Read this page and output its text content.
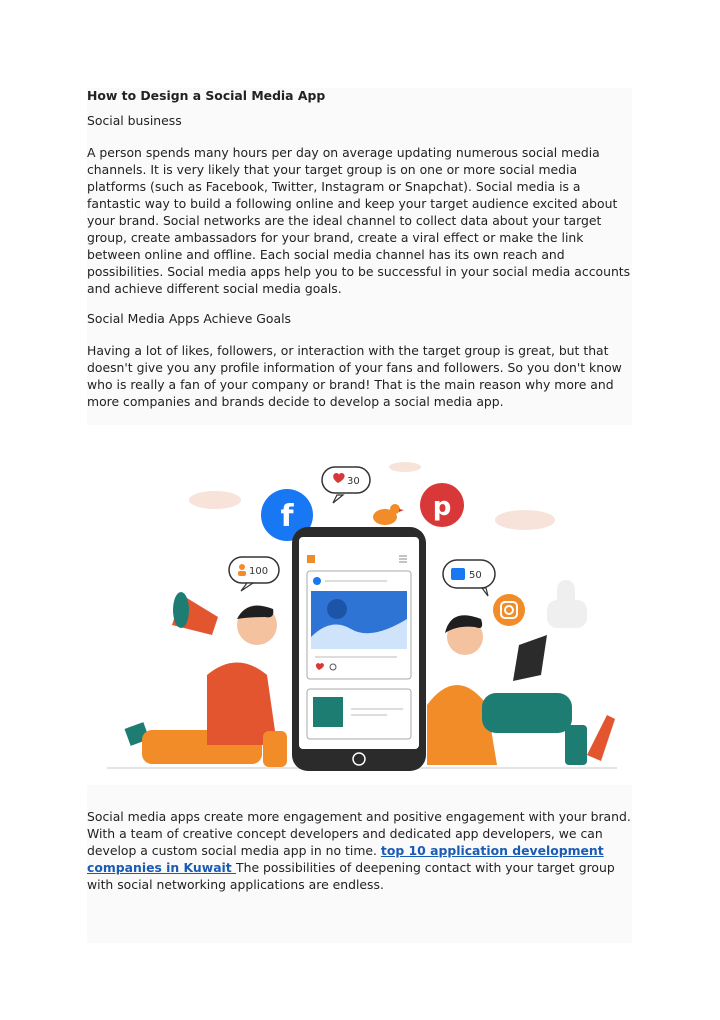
How to Design a Social Media App
Social business

A person spends many hours per day on average updating numerous social media channels. It is very likely that your target group is on one or more social media platforms (such as Facebook, Twitter, Instagram or Snapchat). Social media is a fantastic way to build a following online and keep your target audience excited about your brand. Social networks are the ideal channel to collect data about your target group, create ambassadors for your brand, create a viral effect or make the link between online and offline. Each social media channel has its own reach and possibilities. Social media apps help you to be successful in your social media accounts and achieve different social media goals.

Social Media Apps Achieve Goals

Having a lot of likes, followers, or interaction with the target group is great, but that doesn't give you any profile information of your fans and followers. So you don't know who is really a fan of your company or brand! That is the main reason why more and more companies and brands decide to develop a social media app.

f	p
30
100	50

Social media apps create more engagement and positive engagement with your brand. With a team of creative concept developers and dedicated app developers, we can develop a custom social media app in no time. top 10 application development companies in Kuwait The possibilities of deepening contact with your target group with social networking applications are endless.
